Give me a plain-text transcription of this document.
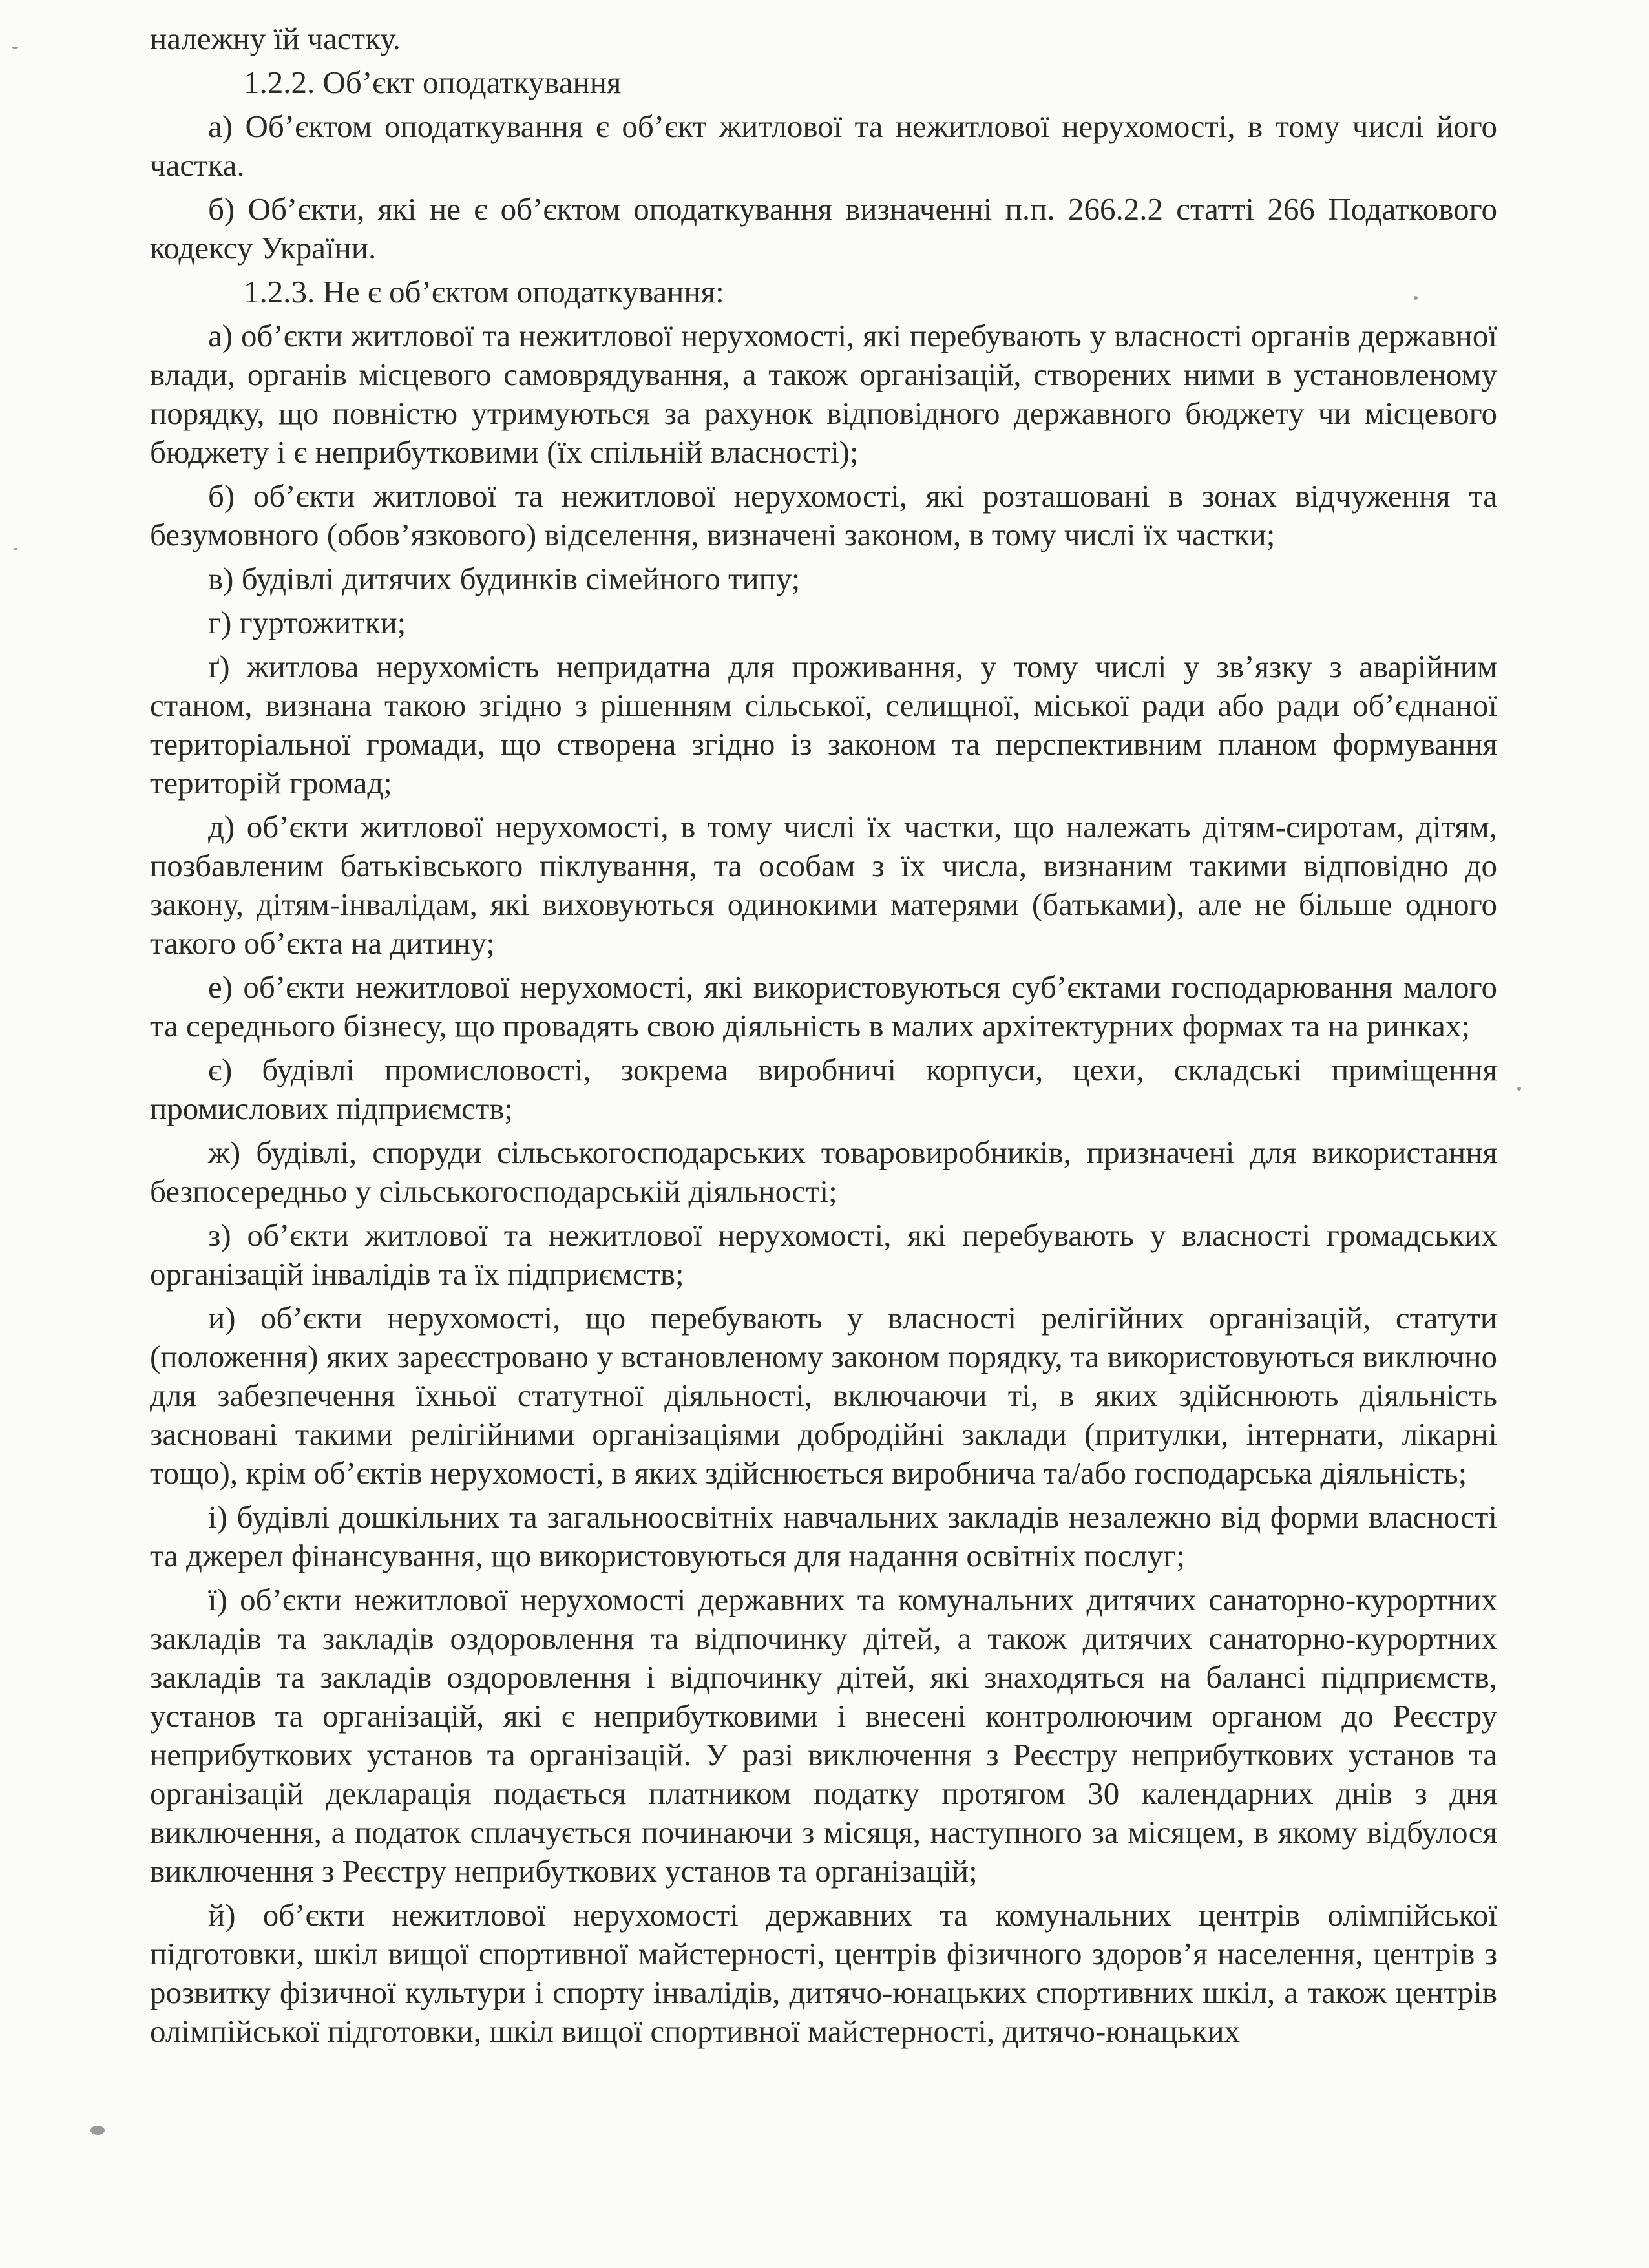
належну їй частку.

1.2.2. Об’єкт оподаткування

а) Об’єктом оподаткування є об’єкт житлової та нежитлової нерухомості, в тому числі його частка.

б) Об’єкти, які не є об’єктом оподаткування визначенні п.п. 266.2.2 статті 266 Податкового кодексу України.

1.2.3. Не є об’єктом оподаткування:

а) об’єкти житлової та нежитлової нерухомості, які перебувають у власності органів державної влади, органів місцевого самоврядування, а також організацій, створених ними в установленому порядку, що повністю утримуються за рахунок відповідного державного бюджету чи місцевого бюджету і є неприбутковими (їх спільній власності);

б) об’єкти житлової та нежитлової нерухомості, які розташовані в зонах відчуження та безумовного (обов’язкового) відселення, визначені законом, в тому числі їх частки;

в) будівлі дитячих будинків сімейного типу;

г) гуртожитки;

ґ) житлова нерухомість непридатна для проживання, у тому числі у зв’язку з аварійним станом, визнана такою згідно з рішенням сільської, селищної, міської ради або ради об’єднаної територіальної громади, що створена згідно із законом та перспективним планом формування територій громад;

д) об’єкти житлової нерухомості, в тому числі їх частки, що належать дітям-сиротам, дітям, позбавленим батьківського піклування, та особам з їх числа, визнаним такими відповідно до закону, дітям-інвалідам, які виховуються одинокими матерями (батьками), але не більше одного такого об’єкта на дитину;

е) об’єкти нежитлової нерухомості, які використовуються суб’єктами господарювання малого та середнього бізнесу, що провадять свою діяльність в малих архітектурних формах та на ринках;

є) будівлі промисловості, зокрема виробничі корпуси, цехи, складські приміщення промислових підприємств;

ж) будівлі, споруди сільськогосподарських товаровиробників, призначені для використання безпосередньо у сільськогосподарській діяльності;

з) об’єкти житлової та нежитлової нерухомості, які перебувають у власності громадських організацій інвалідів та їх підприємств;

и) об’єкти нерухомості, що перебувають у власності релігійних організацій, статути (положення) яких зареєстровано у встановленому законом порядку, та використовуються виключно для забезпечення їхньої статутної діяльності, включаючи ті, в яких здійснюють діяльність засновані такими релігійними організаціями добродійні заклади (притулки, інтернати, лікарні тощо), крім об’єктів нерухомості, в яких здійснюється виробнича та/або господарська діяльність;

і) будівлі дошкільних та загальноосвітніх навчальних закладів незалежно від форми власності та джерел фінансування, що використовуються для надання освітніх послуг;

ї) об’єкти нежитлової нерухомості державних та комунальних дитячих санаторно-курортних закладів та закладів оздоровлення та відпочинку дітей, а також дитячих санаторно-курортних закладів та закладів оздоровлення і відпочинку дітей, які знаходяться на балансі підприємств, установ та організацій, які є неприбутковими і внесені контролюючим органом до Реєстру неприбуткових установ та організацій. У разі виключення з Реєстру неприбуткових установ та організацій декларація подається платником податку протягом 30 календарних днів з дня виключення, а податок сплачується починаючи з місяця, наступного за місяцем, в якому відбулося виключення з Реєстру неприбуткових установ та організацій;

й) об’єкти нежитлової нерухомості державних та комунальних центрів олімпійської підготовки, шкіл вищої спортивної майстерності, центрів фізичного здоров’я населення, центрів з розвитку фізичної культури і спорту інвалідів, дитячо-юнацьких спортивних шкіл, а також центрів олімпійської підготовки, шкіл вищої спортивної майстерності, дитячо-юнацьких
